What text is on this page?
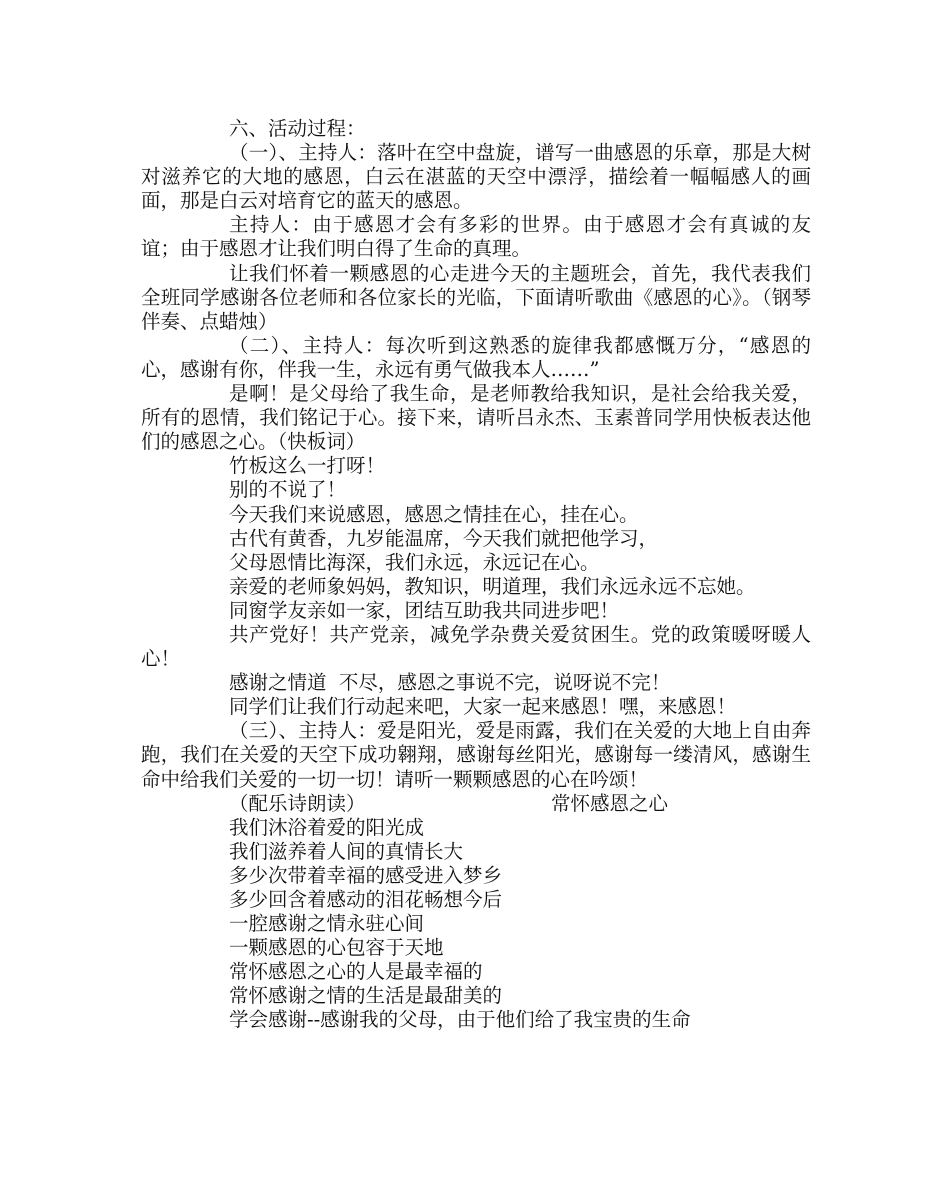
六、活动过程：

（一）、主持人：落叶在空中盘旋，谱写一曲感恩的乐章，那是大树对滋养它的大地的感恩，白云在湛蓝的天空中漂浮，描绘着一幅幅感人的画面，那是白云对培育它的蓝天的感恩。

主持人：由于感恩才会有多彩的世界。由于感恩才会有真诚的友谊；由于感恩才让我们明白得了生命的真理。

让我们怀着一颗感恩的心走进今天的主题班会，首先，我代表我们全班同学感谢各位老师和各位家长的光临，下面请听歌曲《感恩的心》。（钢琴伴奏、点蜡烛）

（二）、主持人：每次听到这熟悉的旋律我都感慨万分，“感恩的心，感谢有你，伴我一生，永远有勇气做我本人……”

是啊！是父母给了我生命，是老师教给我知识，是社会给我关爱，所有的恩情，我们铭记于心。接下来，请听吕永杰、玉素普同学用快板表达他们的感恩之心。（快板词）

竹板这么一打呀！

别的不说了！

今天我们来说感恩，感恩之情挂在心，挂在心。

古代有黄香，九岁能温席，今天我们就把他学习，

父母恩情比海深，我们永远，永远记在心。

亲爱的老师象妈妈，教知识，明道理，我们永远永远不忘她。

同窗学友亲如一家，团结互助我共同进步吧！

共产党好！共产党亲，减免学杂费关爱贫困生。党的政策暖呀暖人心！

感谢之情道  不尽，感恩之事说不完，说呀说不完！

同学们让我们行动起来吧，大家一起来感恩！嘿，来感恩！

（三）、主持人：爱是阳光，爱是雨露，我们在关爱的大地上自由奔跑，我们在关爱的天空下成功翱翔，感谢每丝阳光，感谢每一缕清风，感谢生命中给我们关爱的一切一切！请听一颗颗感恩的心在吟颂！

（配乐诗朗读）	常怀感恩之心

我们沐浴着爱的阳光成

我们滋养着人间的真情长大

多少次带着幸福的感受进入梦乡

多少回含着感动的泪花畅想今后

一腔感谢之情永驻心间

一颗感恩的心包容于天地

常怀感恩之心的人是最幸福的

常怀感谢之情的生活是最甜美的

学会感谢--感谢我的父母，由于他们给了我宝贵的生命
